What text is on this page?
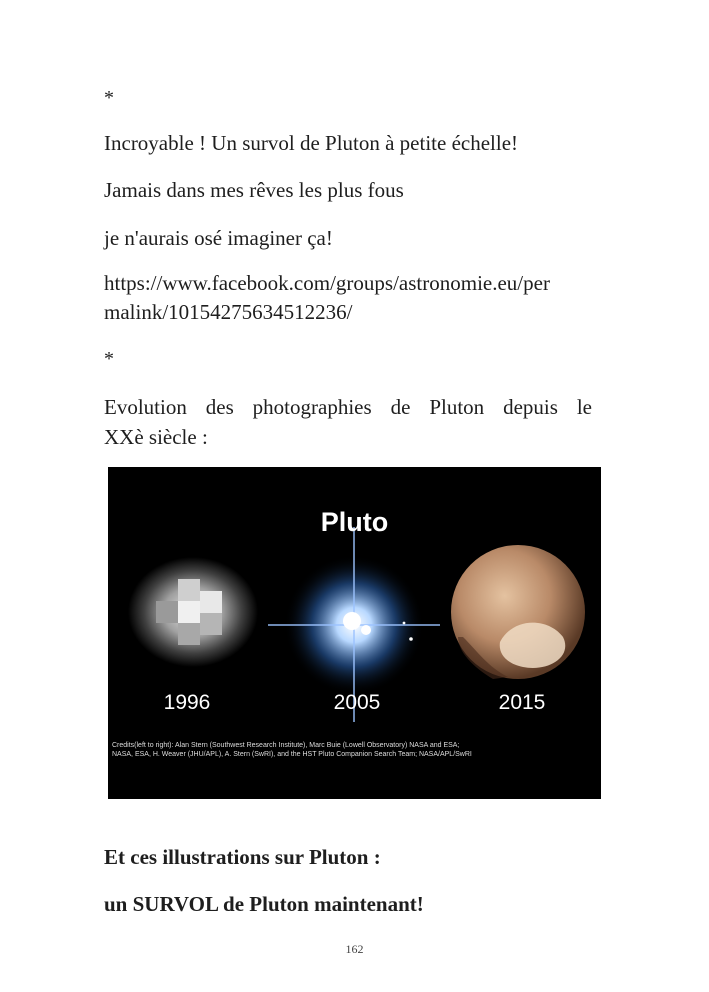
*

Incroyable ! Un survol de Pluton à petite échelle!

Jamais dans mes rêves les plus fous

je n'aurais osé imaginer ça!

https://www.facebook.com/groups/astronomie.eu/per

malink/10154275634512236/

*

Evolution des photographies de Pluton depuis le

XXè siècle :

Pluto
1996	2005	2015
Credits(left to right): Alan Stern (Southwest Research Institute), Marc Buie (Lowell Observatory) NASA and ESA;
NASA, ESA, H. Weaver (JHU/APL), A. Stern (SwRI), and the HST Pluto Companion Search Team; NASA/APL/SwRI

Et ces illustrations sur Pluton :

un SURVOL de Pluton maintenant!

162
